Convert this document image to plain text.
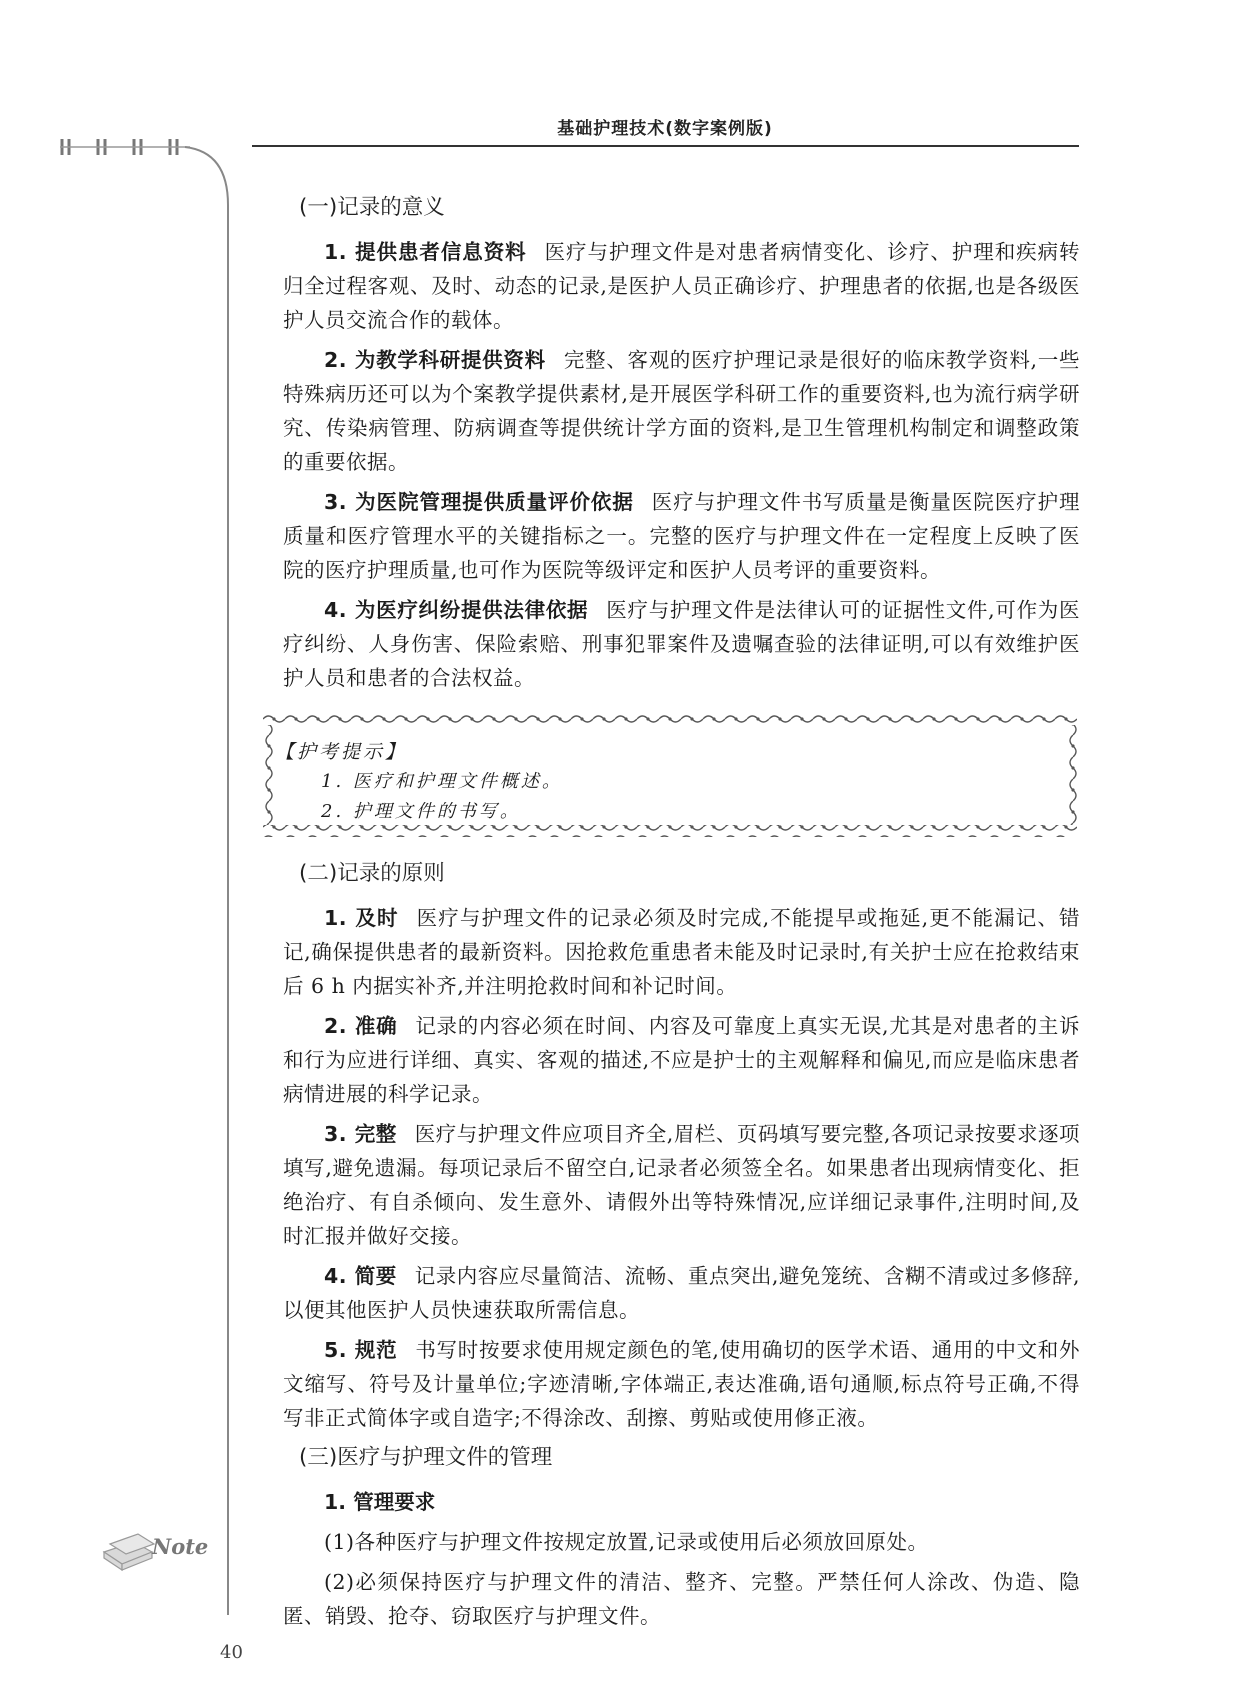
基础护理技术(数字案例版)
(一)记录的意义

1. 提供患者信息资料 医疗与护理文件是对患者病情变化、诊疗、护理和疾病转归全过程客观、及时、动态的记录,是医护人员正确诊疗、护理患者的依据,也是各级医护人员交流合作的载体。

2. 为教学科研提供资料 完整、客观的医疗护理记录是很好的临床教学资料,一些特殊病历还可以为个案教学提供素材,是开展医学科研工作的重要资料,也为流行病学研究、传染病管理、防病调查等提供统计学方面的资料,是卫生管理机构制定和调整政策的重要依据。

3. 为医院管理提供质量评价依据 医疗与护理文件书写质量是衡量医院医疗护理质量和医疗管理水平的关键指标之一。完整的医疗与护理文件在一定程度上反映了医院的医疗护理质量,也可作为医院等级评定和医护人员考评的重要资料。

4. 为医疗纠纷提供法律依据 医疗与护理文件是法律认可的证据性文件,可作为医疗纠纷、人身伤害、保险索赔、刑事犯罪案件及遗嘱查验的法律证明,可以有效维护医护人员和患者的合法权益。

【护考提示】
1. 医疗和护理文件概述。
2. 护理文件的书写。
(二)记录的原则

1. 及时 医疗与护理文件的记录必须及时完成,不能提早或拖延,更不能漏记、错记,确保提供患者的最新资料。因抢救危重患者未能及时记录时,有关护士应在抢救结束后 6 h 内据实补齐,并注明抢救时间和补记时间。

2. 准确 记录的内容必须在时间、内容及可靠度上真实无误,尤其是对患者的主诉和行为应进行详细、真实、客观的描述,不应是护士的主观解释和偏见,而应是临床患者病情进展的科学记录。

3. 完整 医疗与护理文件应项目齐全,眉栏、页码填写要完整,各项记录按要求逐项填写,避免遗漏。每项记录后不留空白,记录者必须签全名。如果患者出现病情变化、拒绝治疗、有自杀倾向、发生意外、请假外出等特殊情况,应详细记录事件,注明时间,及时汇报并做好交接。

4. 简要 记录内容应尽量简洁、流畅、重点突出,避免笼统、含糊不清或过多修辞,以便其他医护人员快速获取所需信息。

5. 规范 书写时按要求使用规定颜色的笔,使用确切的医学术语、通用的中文和外文缩写、符号及计量单位;字迹清晰,字体端正,表达准确,语句通顺,标点符号正确,不得写非正式简体字或自造字;不得涂改、刮擦、剪贴或使用修正液。

(三)医疗与护理文件的管理
1. 管理要求

(1)各种医疗与护理文件按规定放置,记录或使用后必须放回原处。

(2)必须保持医疗与护理文件的清洁、整齐、完整。严禁任何人涂改、伪造、隐匿、销毁、抢夺、窃取医疗与护理文件。

Note
40
